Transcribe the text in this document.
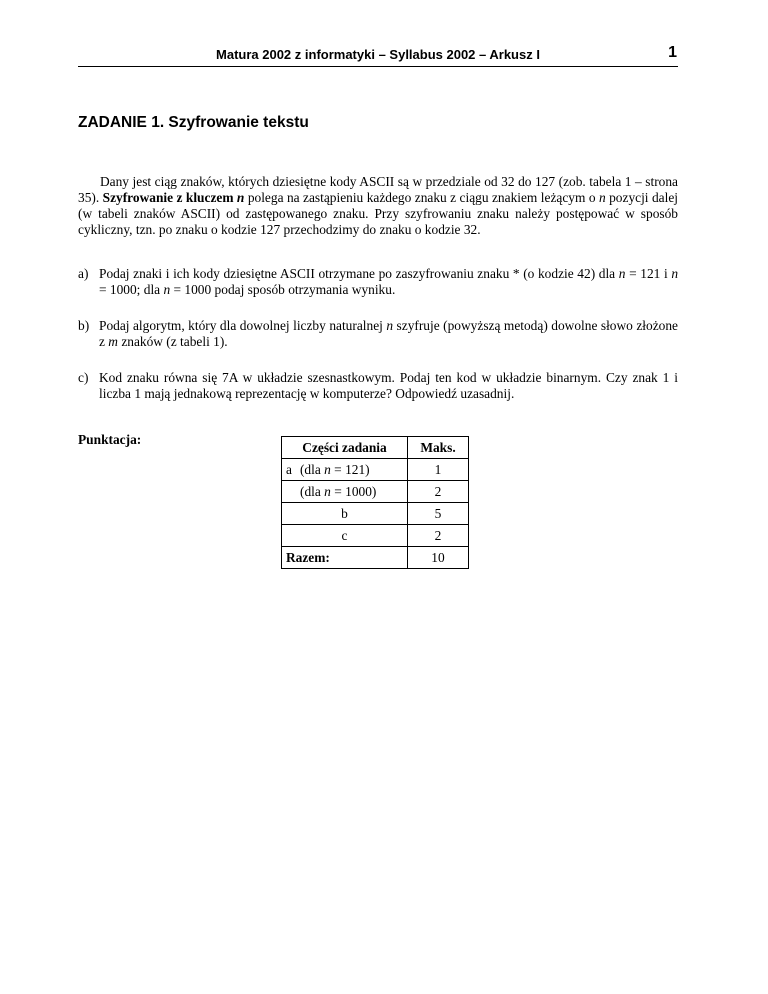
Matura 2002 z informatyki – Syllabus 2002 – Arkusz I	1
ZADANIE 1. Szyfrowanie tekstu

Dany jest ciąg znaków, których dziesiętne kody ASCII są w przedziale od 32 do 127 (zob. tabela 1 – strona 35). Szyfrowanie z kluczem n polega na zastąpieniu każdego znaku z ciągu znakiem leżącym o n pozycji dalej (w tabeli znaków ASCII) od zastępowanego znaku. Przy szyfrowaniu znaku należy postępować w sposób cykliczny, tzn. po znaku o kodzie 127 przechodzimy do znaku o kodzie 32.

a) Podaj znaki i ich kody dziesiętne ASCII otrzymane po zaszyfrowaniu znaku * (o kodzie 42) dla n = 121 i n = 1000; dla n = 1000 podaj sposób otrzymania wyniku.

b) Podaj algorytm, który dla dowolnej liczby naturalnej n szyfruje (powyższą metodą) dowolne słowo złożone z m znaków (z tabeli 1).

c) Kod znaku równa się 7A w układzie szesnastkowym. Podaj ten kod w układzie binarnym. Czy znak 1 i liczba 1 mają jednakową reprezentację w komputerze? Odpowiedź uzasadnij.

Punktacja:	Części zadania	Maks.
a (dla n = 121)	1
(dla n = 1000)	2
b	5
c	2
Razem:	10
